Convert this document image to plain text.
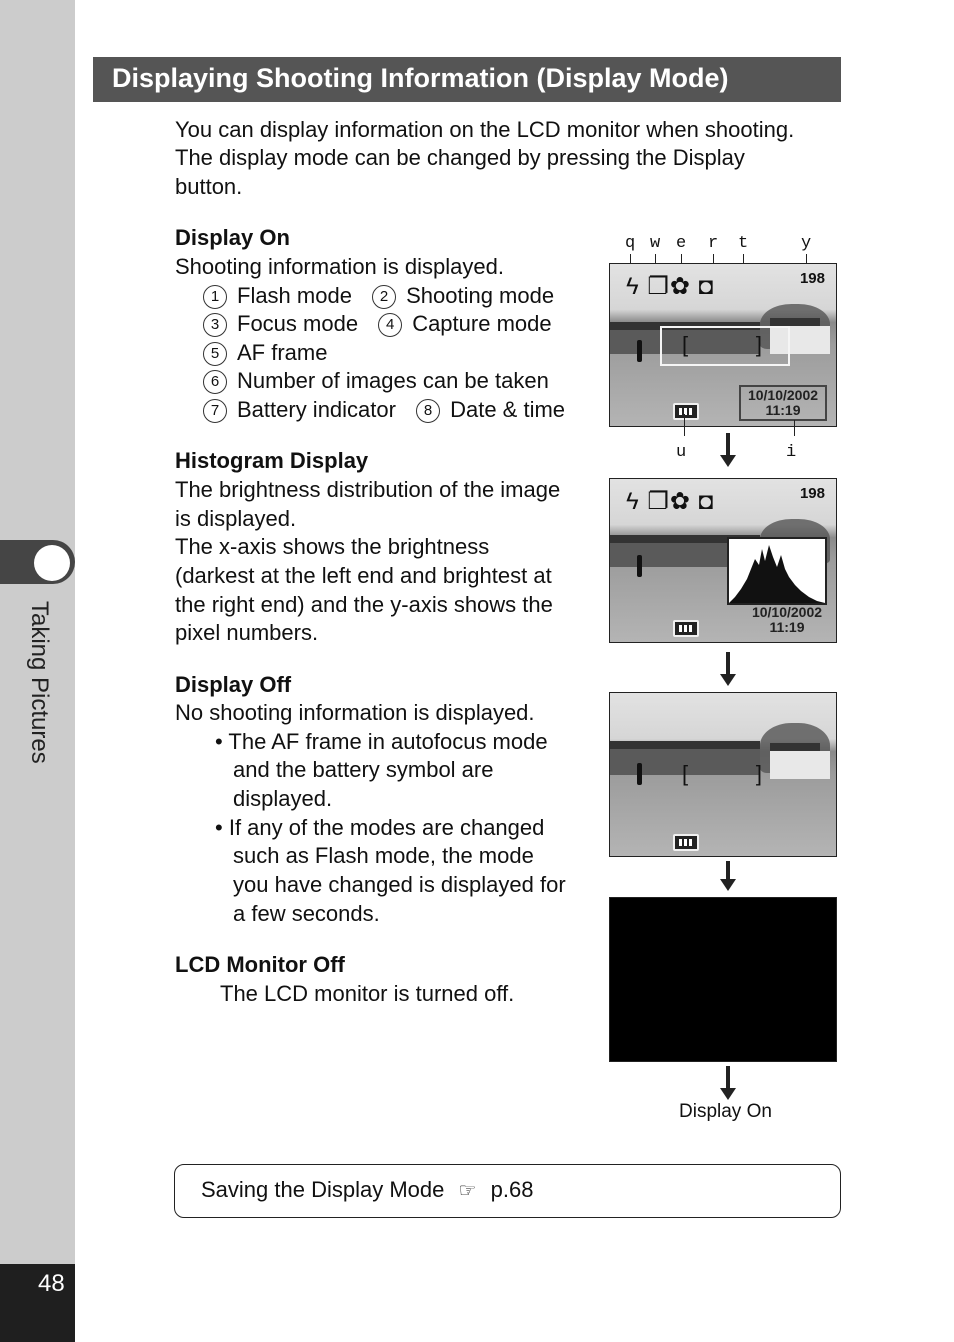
Taking Pictures
48
Displaying Shooting Information (Display Mode)
You can display information on the LCD monitor when shooting.
The display mode can be changed by pressing the Display
button.
Display On
Shooting information is displayed.
1 Flash mode 2 Shooting mode
3 Focus mode 4 Capture mode
5 AF frame
6 Number of images can be taken
7 Battery indicator 8 Date & time
Histogram Display
The brightness distribution of the image
is displayed.
The x-axis shows the brightness
(darkest at the left end and brightest at
the right end) and the y-axis shows the
pixel numbers.
Display Off
No shooting information is displayed.
• The AF frame in autofocus mode
and the battery symbol are
displayed.
• If any of the modes are changed
such as Flash mode, the mode
you have changed is displayed for
a few seconds.
LCD Monitor Off
The LCD monitor is turned off.
q w e r t	y
ϟ ❐✿ ◘	198
[	]
10/10/2002
11:19
u	i
ϟ ❐✿ ◘	198
10/10/2002
11:19
[	]
Display On
Saving the Display Mode ☞ p.68
